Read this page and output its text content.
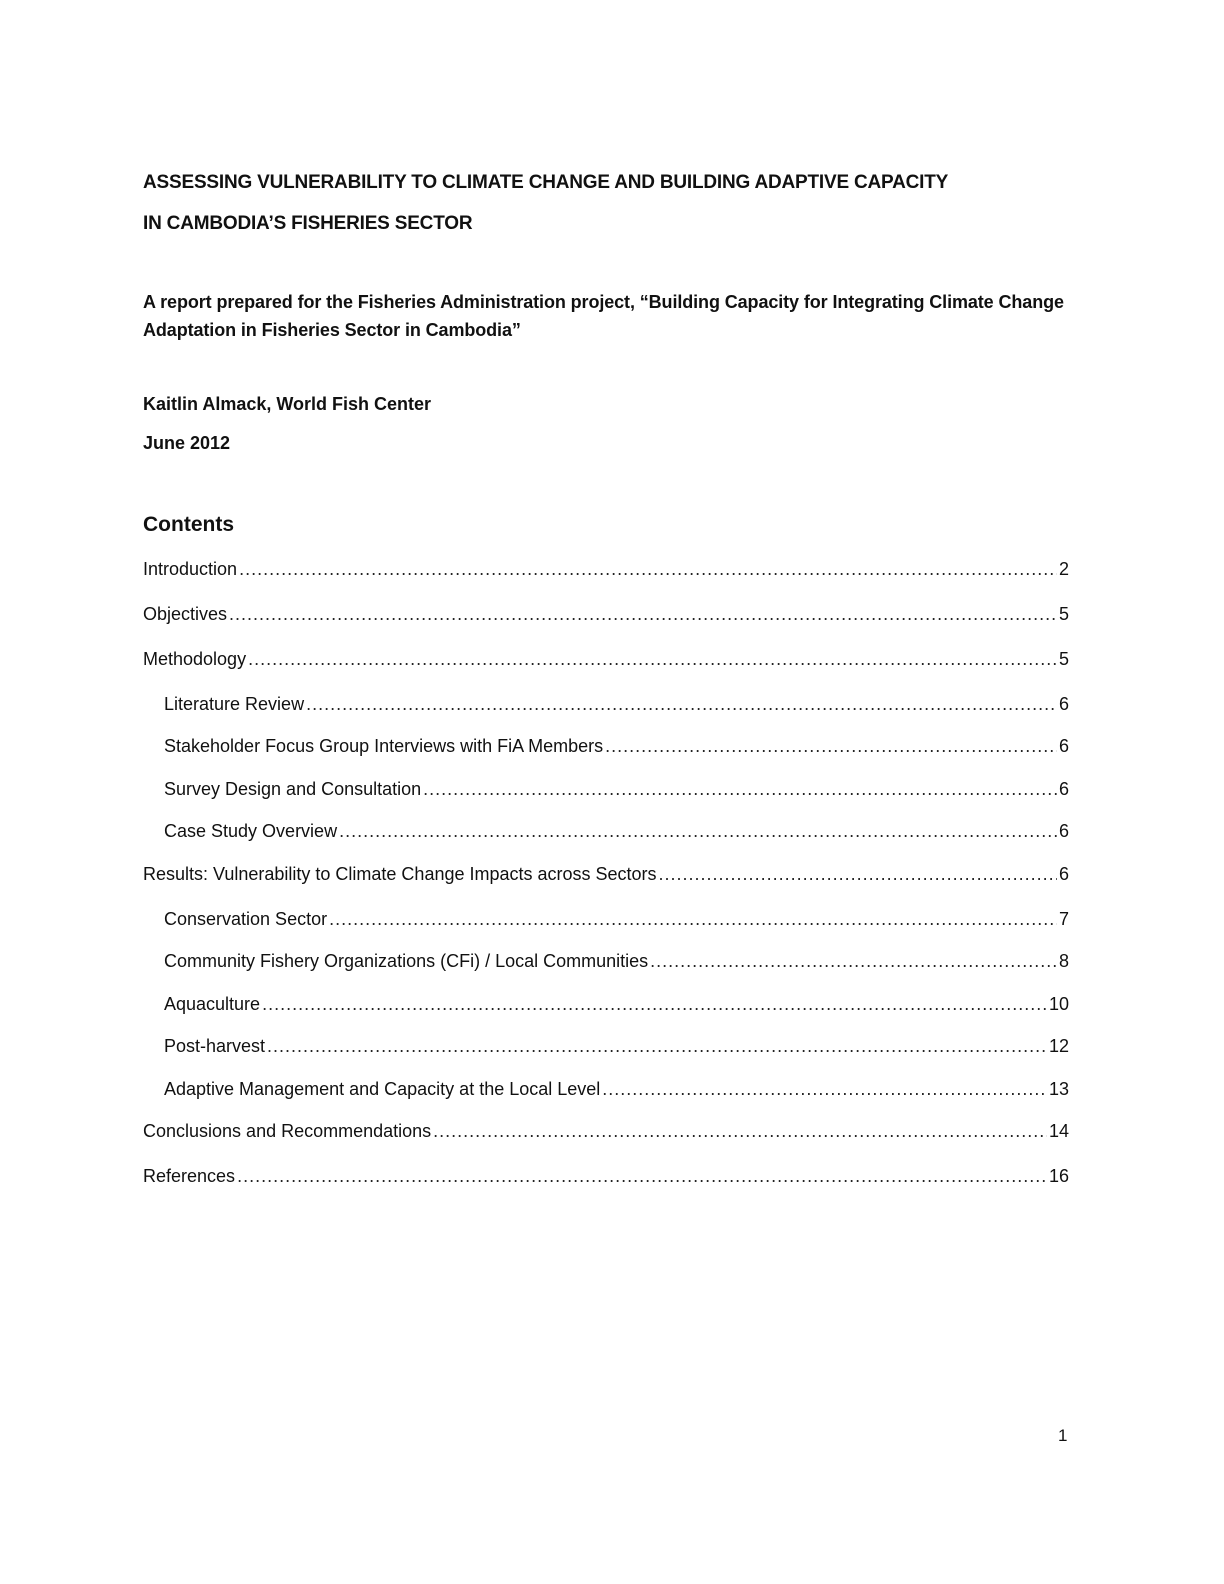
ASSESSING VULNERABILITY TO CLIMATE CHANGE AND BUILDING ADAPTIVE CAPACITY
IN CAMBODIA’S FISHERIES SECTOR
A report prepared for the Fisheries Administration project, “Building Capacity for Integrating Climate Change Adaptation in Fisheries Sector in Cambodia”
Kaitlin Almack, World Fish Center
June 2012
Contents
Introduction .....	2
Objectives .....	5
Methodology .....	5
Literature Review .....	6
Stakeholder Focus Group Interviews with FiA Members .....	6
Survey Design and Consultation .....	6
Case Study Overview .....	6
Results: Vulnerability to Climate Change Impacts across Sectors .....	6
Conservation Sector .....	7
Community Fishery Organizations (CFi) / Local Communities .....	8
Aquaculture .....	10
Post-harvest .....	12
Adaptive Management and Capacity at the Local Level .....	13
Conclusions and Recommendations .....	14
References .....	16
1
